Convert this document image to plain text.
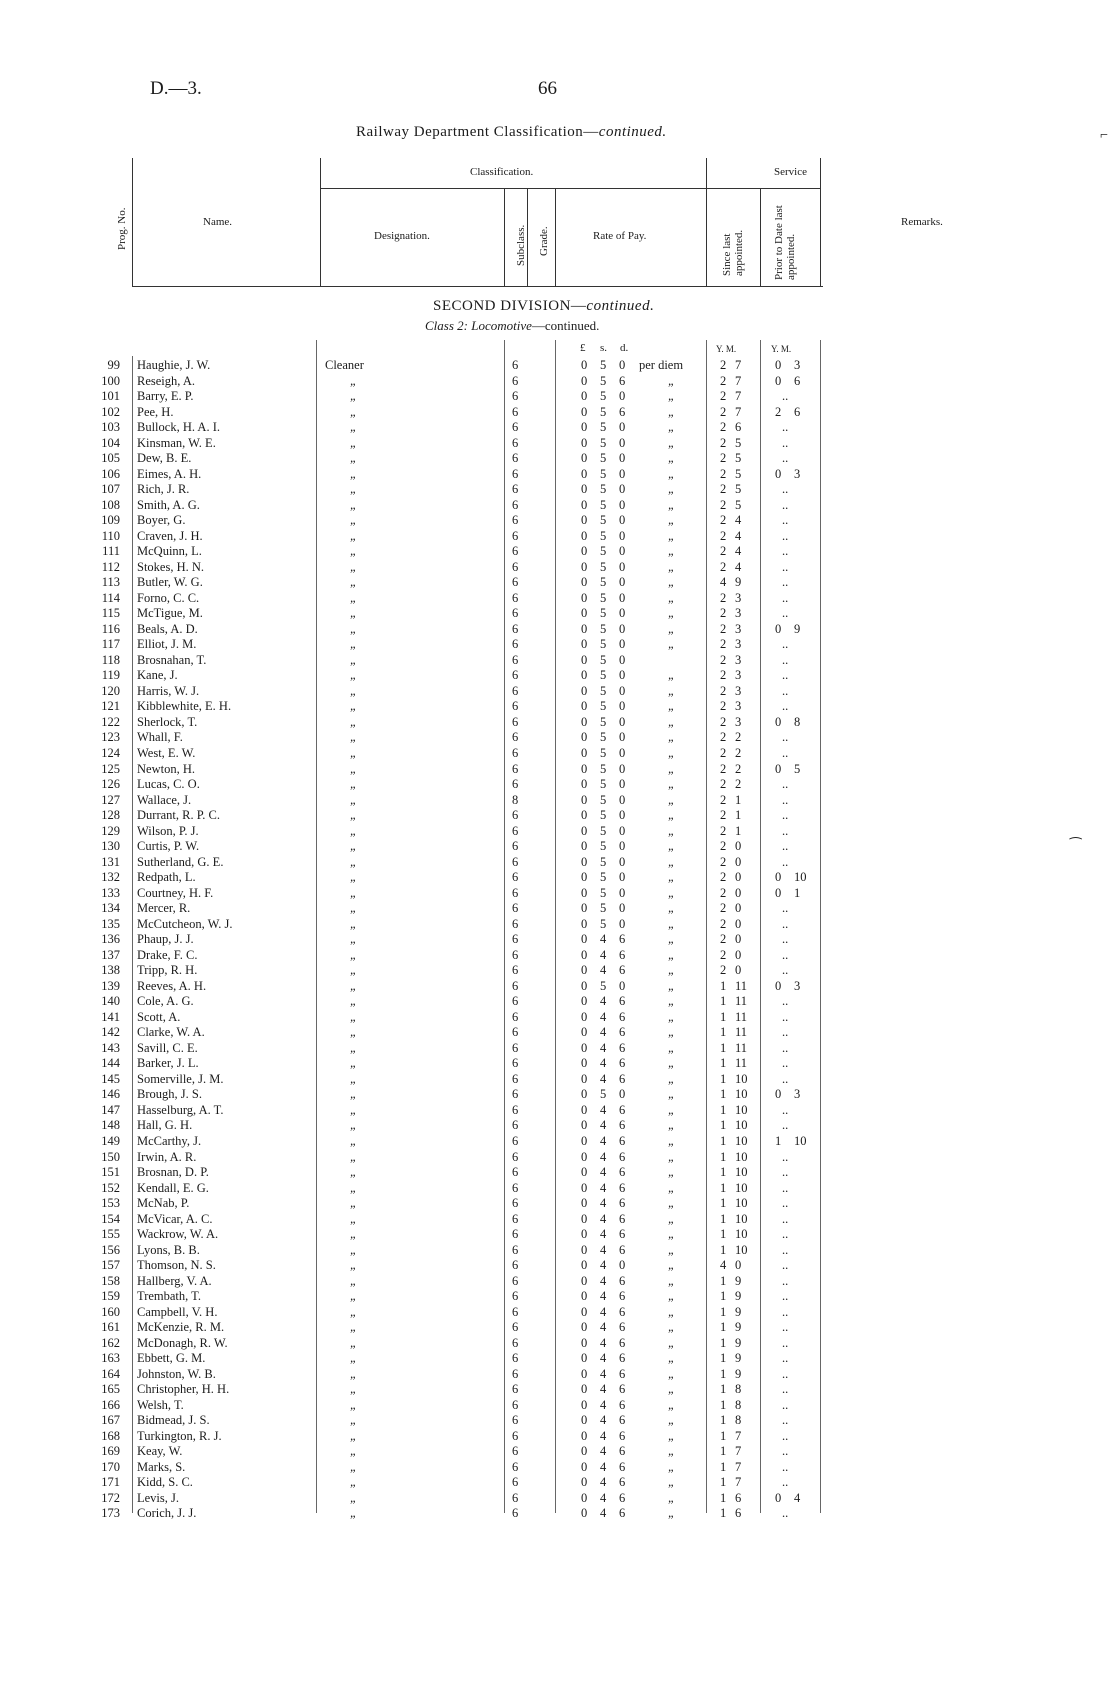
D.—3.	66
Railway Department Classification—continued.
Prog. No.	Name.
Classification.
Designation.	Subclass. Grade.	Rate of Pay.
Service
Since last appointed.	Prior to Date last appointed.
Remarks.
SECOND DIVISION—continued.
Class 2: Locomotive—continued.
£ s. d.	Y. M.	Y. M.
99 Haughie, J. W.	Cleaner	6	0 5 0 per diem	2 7	0 3
100 Reseigh, A.	„	6	0 5 6	„	2 7	0 6
101 Barry, E. P.	„	6	0 5 0	„	2 7	..
102 Pee, H.	„	6	0 5 6	„	2 7	2 6
103 Bullock, H. A. I.	„	6	0 5 0	„	2 6	..
104 Kinsman, W. E.	„	6	0 5 0	„	2 5	..
105 Dew, B. E.	„	6	0 5 0	„	2 5	..
106 Eimes, A. H.	„	6	0 5 0	„	2 5	0 3
107 Rich, J. R.	„	6	0 5 0	„	2 5	..
108 Smith, A. G.	„	6	0 5 0	„	2 5	..
109 Boyer, G.	„	6	0 5 0	„	2 4	..
110 Craven, J. H.	„	6	0 5 0	„	2 4	..
111 McQuinn, L.	„	6	0 5 0	„	2 4	..
112 Stokes, H. N.	„	6	0 5 0	„	2 4	..
113 Butler, W. G.	„	6	0 5 0	„	4 9	..
114 Forno, C. C.	„	6	0 5 0	„	2 3	..
115 McTigue, M.	„	6	0 5 0	„	2 3	..
116 Beals, A. D.	„	6	0 5 0	„	2 3	0 9
117 Elliot, J. M.	„	6	0 5 0	„	2 3	..
118 Brosnahan, T.	„	6	0 5 0	2 3	..
119 Kane, J.	„	6	0 5 0	„	2 3	..
120 Harris, W. J.	„	6	0 5 0	„	2 3	..
121 Kibblewhite, E. H.	„	6	0 5 0	„	2 3	..
122 Sherlock, T.	„	6	0 5 0	„	2 3	0 8
123 Whall, F.	„	6	0 5 0	„	2 2	..
124 West, E. W.	„	6	0 5 0	„	2 2	..
125 Newton, H.	„	6	0 5 0	„	2 2	0 5
126 Lucas, C. O.	„	6	0 5 0	„	2 2	..
127 Wallace, J.	„	8	0 5 0	„	2 1	..
128 Durrant, R. P. C.	„	6	0 5 0	„	2 1	..
129 Wilson, P. J.	„	6	0 5 0	„	2 1	..
130 Curtis, P. W.	„	6	0 5 0	„	2 0	..
131 Sutherland, G. E.	„	6	0 5 0	„	2 0	..
132 Redpath, L.	„	6	0 5 0	„	2 0	0 10
133 Courtney, H. F.	„	6	0 5 0	„	2 0	0 1
134 Mercer, R.	„	6	0 5 0	„	2 0	..
135 McCutcheon, W. J.	„	6	0 5 0	„	2 0	..
136 Phaup, J. J.	„	6	0 4 6	„	2 0	..
137 Drake, F. C.	„	6	0 4 6	„	2 0	..
138 Tripp, R. H.	„	6	0 4 6	„	2 0	..
139 Reeves, A. H.	„	6	0 5 0	„	1 11	0 3
140 Cole, A. G.	„	6	0 4 6	„	1 11	..
141 Scott, A.	„	6	0 4 6	„	1 11	..
142 Clarke, W. A.	„	6	0 4 6	„	1 11	..
143 Savill, C. E.	„	6	0 4 6	„	1 11	..
144 Barker, J. L.	„	6	0 4 6	„	1 11	..
145 Somerville, J. M.	„	6	0 4 6	„	1 10	..
146 Brough, J. S.	„	6	0 5 0	„	1 10	0 3
147 Hasselburg, A. T.	„	6	0 4 6	„	1 10	..
148 Hall, G. H.	„	6	0 4 6	„	1 10	..
149 McCarthy, J.	„	6	0 4 6	„	1 10	1 10
150 Irwin, A. R.	„	6	0 4 6	„	1 10	..
151 Brosnan, D. P.	„	6	0 4 6	„	1 10	..
152 Kendall, E. G.	„	6	0 4 6	„	1 10	..
153 McNab, P.	„	6	0 4 6	„	1 10	..
154 McVicar, A. C.	„	6	0 4 6	„	1 10	..
155 Wackrow, W. A.	„	6	0 4 6	„	1 10	..
156 Lyons, B. B.	„	6	0 4 6	„	1 10	..
157 Thomson, N. S.	„	6	0 4 0	„	4 0	..
158 Hallberg, V. A.	„	6	0 4 6	„	1 9	..
159 Trembath, T.	„	6	0 4 6	„	1 9	..
160 Campbell, V. H.	„	6	0 4 6	„	1 9	..
161 McKenzie, R. M.	„	6	0 4 6	„	1 9	..
162 McDonagh, R. W.	„	6	0 4 6	„	1 9	..
163 Ebbett, G. M.	„	6	0 4 6	„	1 9	..
164 Johnston, W. B.	„	6	0 4 6	„	1 9	..
165 Christopher, H. H.	„	6	0 4 6	„	1 8	..
166 Welsh, T.	„	6	0 4 6	„	1 8	..
167 Bidmead, J. S.	„	6	0 4 6	„	1 8	..
168 Turkington, R. J.	„	6	0 4 6	„	1 7	..
169 Keay, W.	„	6	0 4 6	„	1 7	..
170 Marks, S.	„	6	0 4 6	„	1 7	..
171 Kidd, S. C.	„	6	0 4 6	„	1 7	..
172 Levis, J.	„	6	0 4 6	„	1 6	0 4
173 Corich, J. J.	„	6	0 4 6	„	1 6	..
⌐
⁀
